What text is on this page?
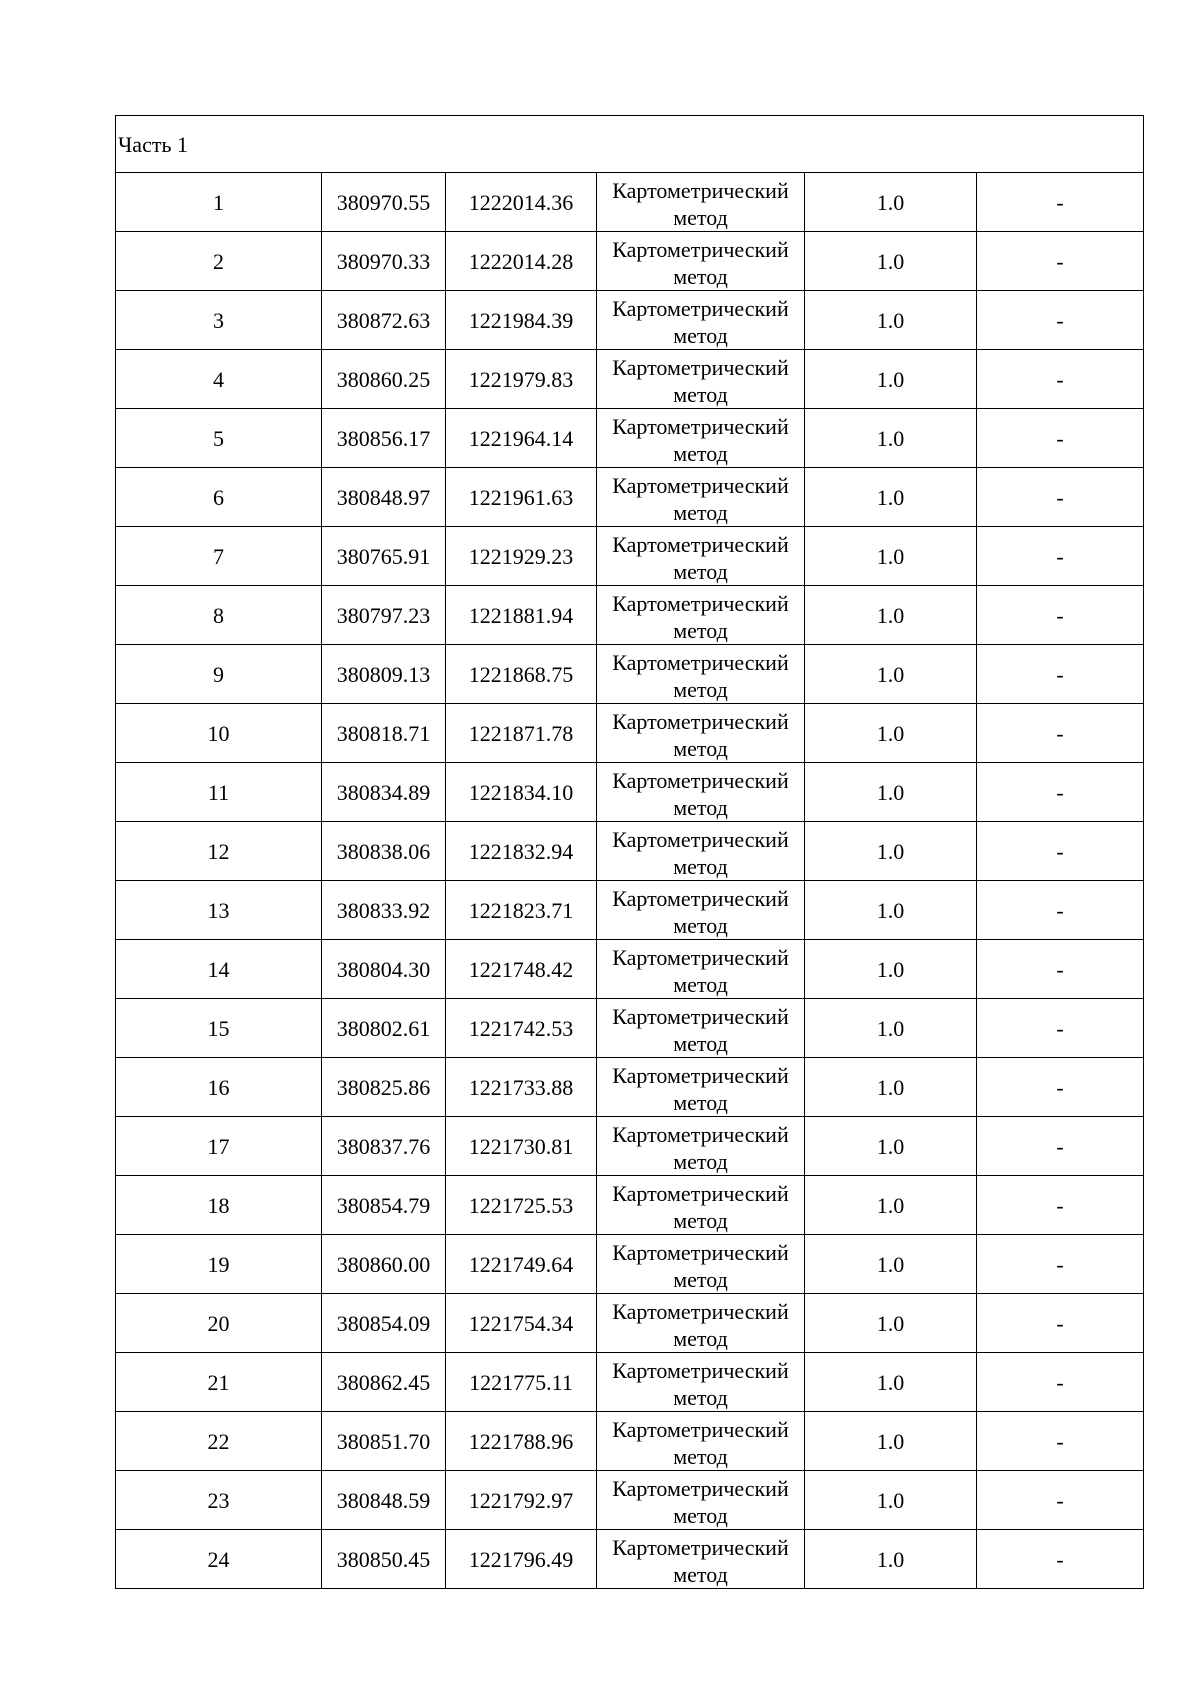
Часть 1					
1	380970.55	1222014.36	Картометрический
метод	1.0	-
2	380970.33	1222014.28	Картометрический
метод	1.0	-
3	380872.63	1221984.39	Картометрический
метод	1.0	-
4	380860.25	1221979.83	Картометрический
метод	1.0	-
5	380856.17	1221964.14	Картометрический
метод	1.0	-
6	380848.97	1221961.63	Картометрический
метод	1.0	-
7	380765.91	1221929.23	Картометрический
метод	1.0	-
8	380797.23	1221881.94	Картометрический
метод	1.0	-
9	380809.13	1221868.75	Картометрический
метод	1.0	-
10	380818.71	1221871.78	Картометрический
метод	1.0	-
11	380834.89	1221834.10	Картометрический
метод	1.0	-
12	380838.06	1221832.94	Картометрический
метод	1.0	-
13	380833.92	1221823.71	Картометрический
метод	1.0	-
14	380804.30	1221748.42	Картометрический
метод	1.0	-
15	380802.61	1221742.53	Картометрический
метод	1.0	-
16	380825.86	1221733.88	Картометрический
метод	1.0	-
17	380837.76	1221730.81	Картометрический
метод	1.0	-
18	380854.79	1221725.53	Картометрический
метод	1.0	-
19	380860.00	1221749.64	Картометрический
метод	1.0	-
20	380854.09	1221754.34	Картометрический
метод	1.0	-
21	380862.45	1221775.11	Картометрический
метод	1.0	-
22	380851.70	1221788.96	Картометрический
метод	1.0	-
23	380848.59	1221792.97	Картометрический
метод	1.0	-
24	380850.45	1221796.49	Картометрический
метод	1.0	-
